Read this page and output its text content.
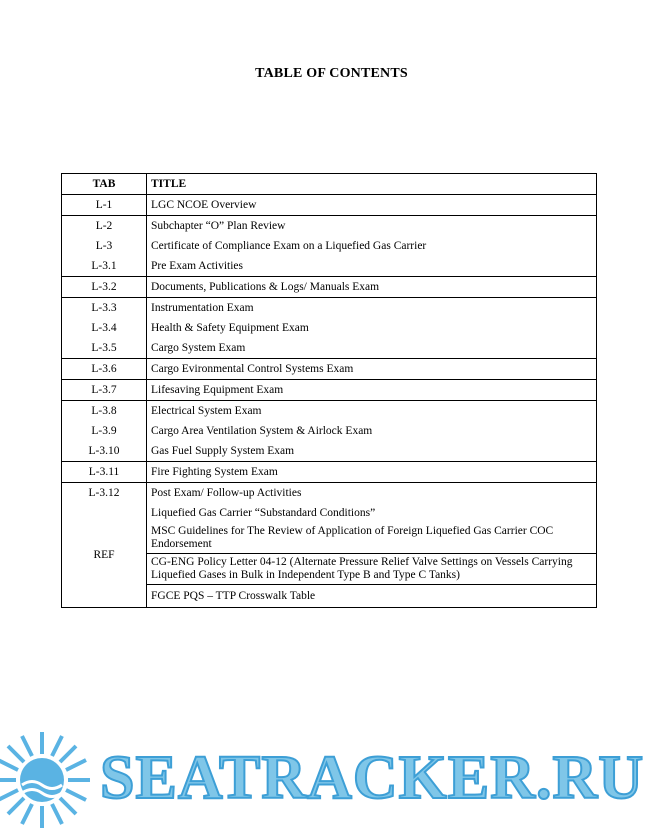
TABLE OF CONTENTS
TAB	TITLE
L-1	LGC NCOE Overview
L-2	Subchapter “O” Plan Review
L-3	Certificate of Compliance Exam on a Liquefied Gas Carrier
L-3.1	Pre Exam Activities
L-3.2	Documents, Publications & Logs/ Manuals Exam
L-3.3	Instrumentation Exam
L-3.4	Health & Safety Equipment Exam
L-3.5	Cargo System Exam
L-3.6	Cargo Evironmental Control Systems Exam
L-3.7	Lifesaving Equipment Exam
L-3.8	Electrical System Exam
L-3.9	Cargo Area Ventilation System & Airlock Exam
L-3.10	Gas Fuel Supply System Exam
L-3.11	Fire Fighting System Exam
L-3.12	Post Exam/ Follow-up Activities
REF	Liquefied Gas Carrier “Substandard Conditions”
	MSC Guidelines for The Review of Application of Foreign Liquefied Gas Carrier COC Endorsement
	CG-ENG Policy Letter 04-12 (Alternate Pressure Relief Valve Settings on Vessels Carrying Liquefied Gases in Bulk in Independent Type B and Type C Tanks)
	FGCE PQS – TTP Crosswalk Table
SEATRACKER.RU
